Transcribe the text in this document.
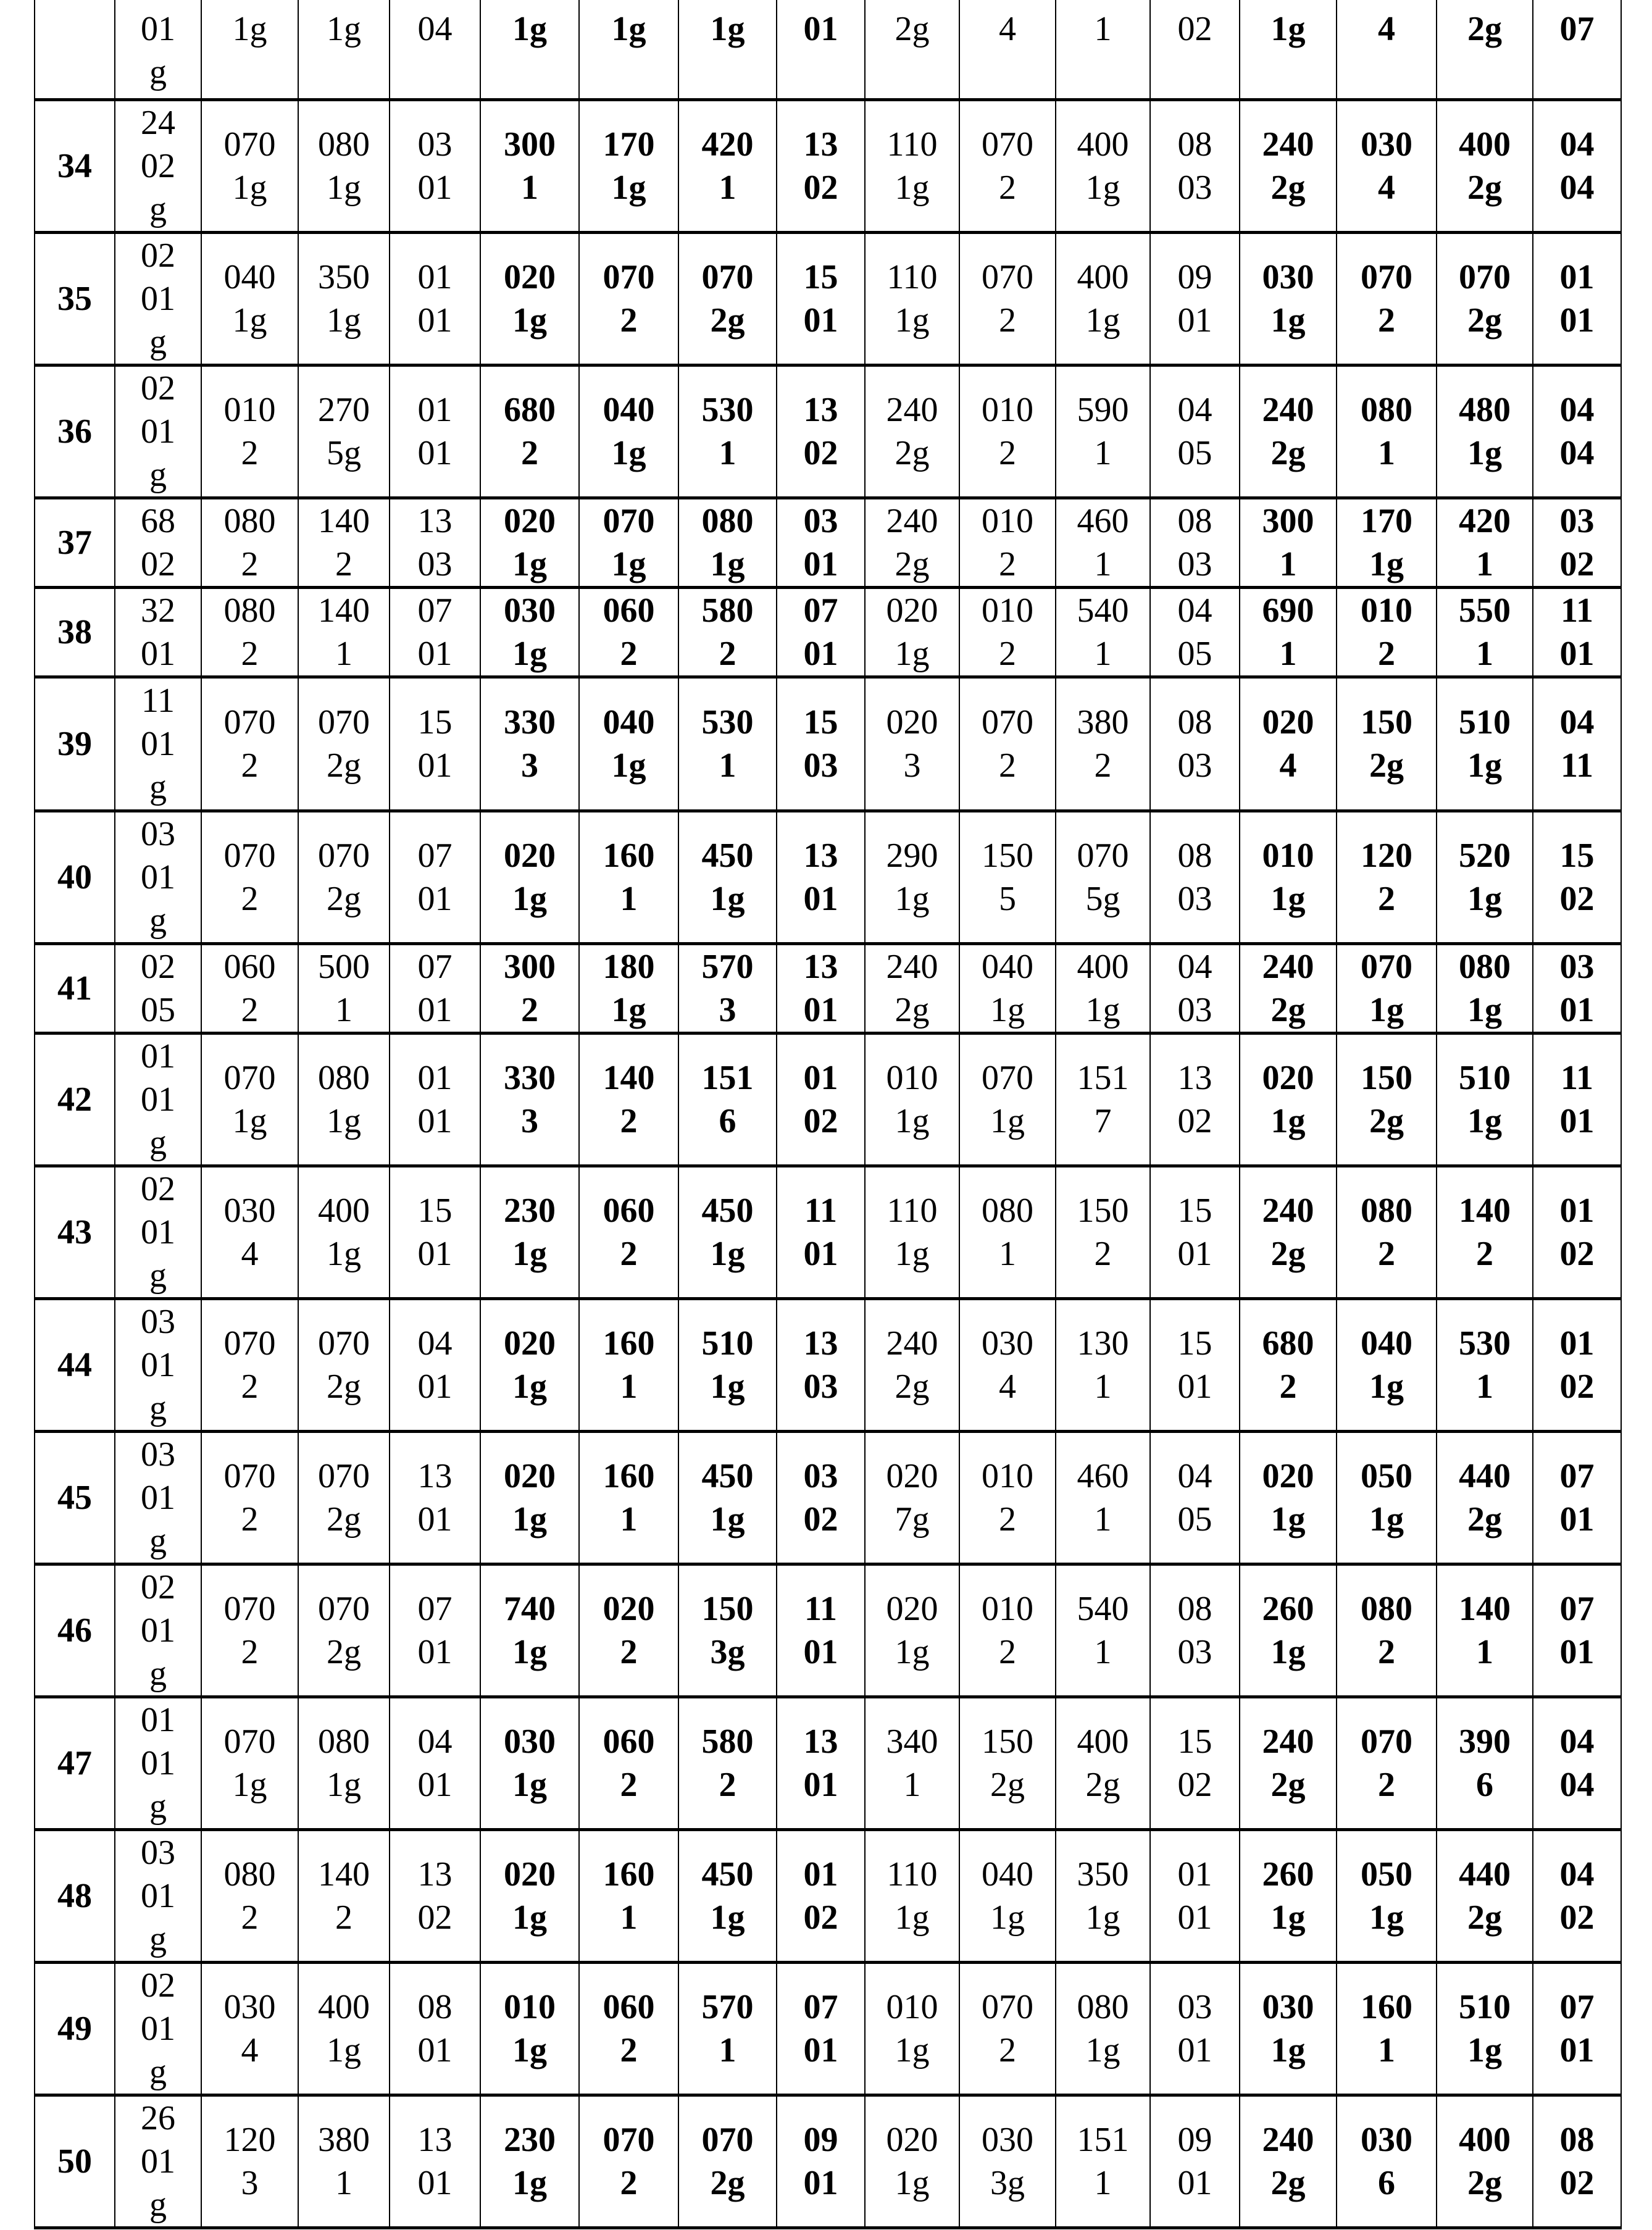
	01
g	1g	1g	04	1g	1g	1g	01	2g	4	1	02	1g	4	2g	07
34	24
02
g	070
1g	080
1g	03
01	300
1	170
1g	420
1	13
02	110
1g	070
2	400
1g	08
03	240
2g	030
4	400
2g	04
04
35	02
01
g	040
1g	350
1g	01
01	020
1g	070
2	070
2g	15
01	110
1g	070
2	400
1g	09
01	030
1g	070
2	070
2g	01
01
36	02
01
g	010
2	270
5g	01
01	680
2	040
1g	530
1	13
02	240
2g	010
2	590
1	04
05	240
2g	080
1	480
1g	04
04
37	68
02	080
2	140
2	13
03	020
1g	070
1g	080
1g	03
01	240
2g	010
2	460
1	08
03	300
1	170
1g	420
1	03
02
38	32
01	080
2	140
1	07
01	030
1g	060
2	580
2	07
01	020
1g	010
2	540
1	04
05	690
1	010
2	550
1	11
01
39	11
01
g	070
2	070
2g	15
01	330
3	040
1g	530
1	15
03	020
3	070
2	380
2	08
03	020
4	150
2g	510
1g	04
11
40	03
01
g	070
2	070
2g	07
01	020
1g	160
1	450
1g	13
01	290
1g	150
5	070
5g	08
03	010
1g	120
2	520
1g	15
02
41	02
05	060
2	500
1	07
01	300
2	180
1g	570
3	13
01	240
2g	040
1g	400
1g	04
03	240
2g	070
1g	080
1g	03
01
42	01
01
g	070
1g	080
1g	01
01	330
3	140
2	151
6	01
02	010
1g	070
1g	151
7	13
02	020
1g	150
2g	510
1g	11
01
43	02
01
g	030
4	400
1g	15
01	230
1g	060
2	450
1g	11
01	110
1g	080
1	150
2	15
01	240
2g	080
2	140
2	01
02
44	03
01
g	070
2	070
2g	04
01	020
1g	160
1	510
1g	13
03	240
2g	030
4	130
1	15
01	680
2	040
1g	530
1	01
02
45	03
01
g	070
2	070
2g	13
01	020
1g	160
1	450
1g	03
02	020
7g	010
2	460
1	04
05	020
1g	050
1g	440
2g	07
01
46	02
01
g	070
2	070
2g	07
01	740
1g	020
2	150
3g	11
01	020
1g	010
2	540
1	08
03	260
1g	080
2	140
1	07
01
47	01
01
g	070
1g	080
1g	04
01	030
1g	060
2	580
2	13
01	340
1	150
2g	400
2g	15
02	240
2g	070
2	390
6	04
04
48	03
01
g	080
2	140
2	13
02	020
1g	160
1	450
1g	01
02	110
1g	040
1g	350
1g	01
01	260
1g	050
1g	440
2g	04
02
49	02
01
g	030
4	400
1g	08
01	010
1g	060
2	570
1	07
01	010
1g	070
2	080
1g	03
01	030
1g	160
1	510
1g	07
01
50	26
01
g	120
3	380
1	13
01	230
1g	070
2	070
2g	09
01	020
1g	030
3g	151
1	09
01	240
2g	030
6	400
2g	08
02
